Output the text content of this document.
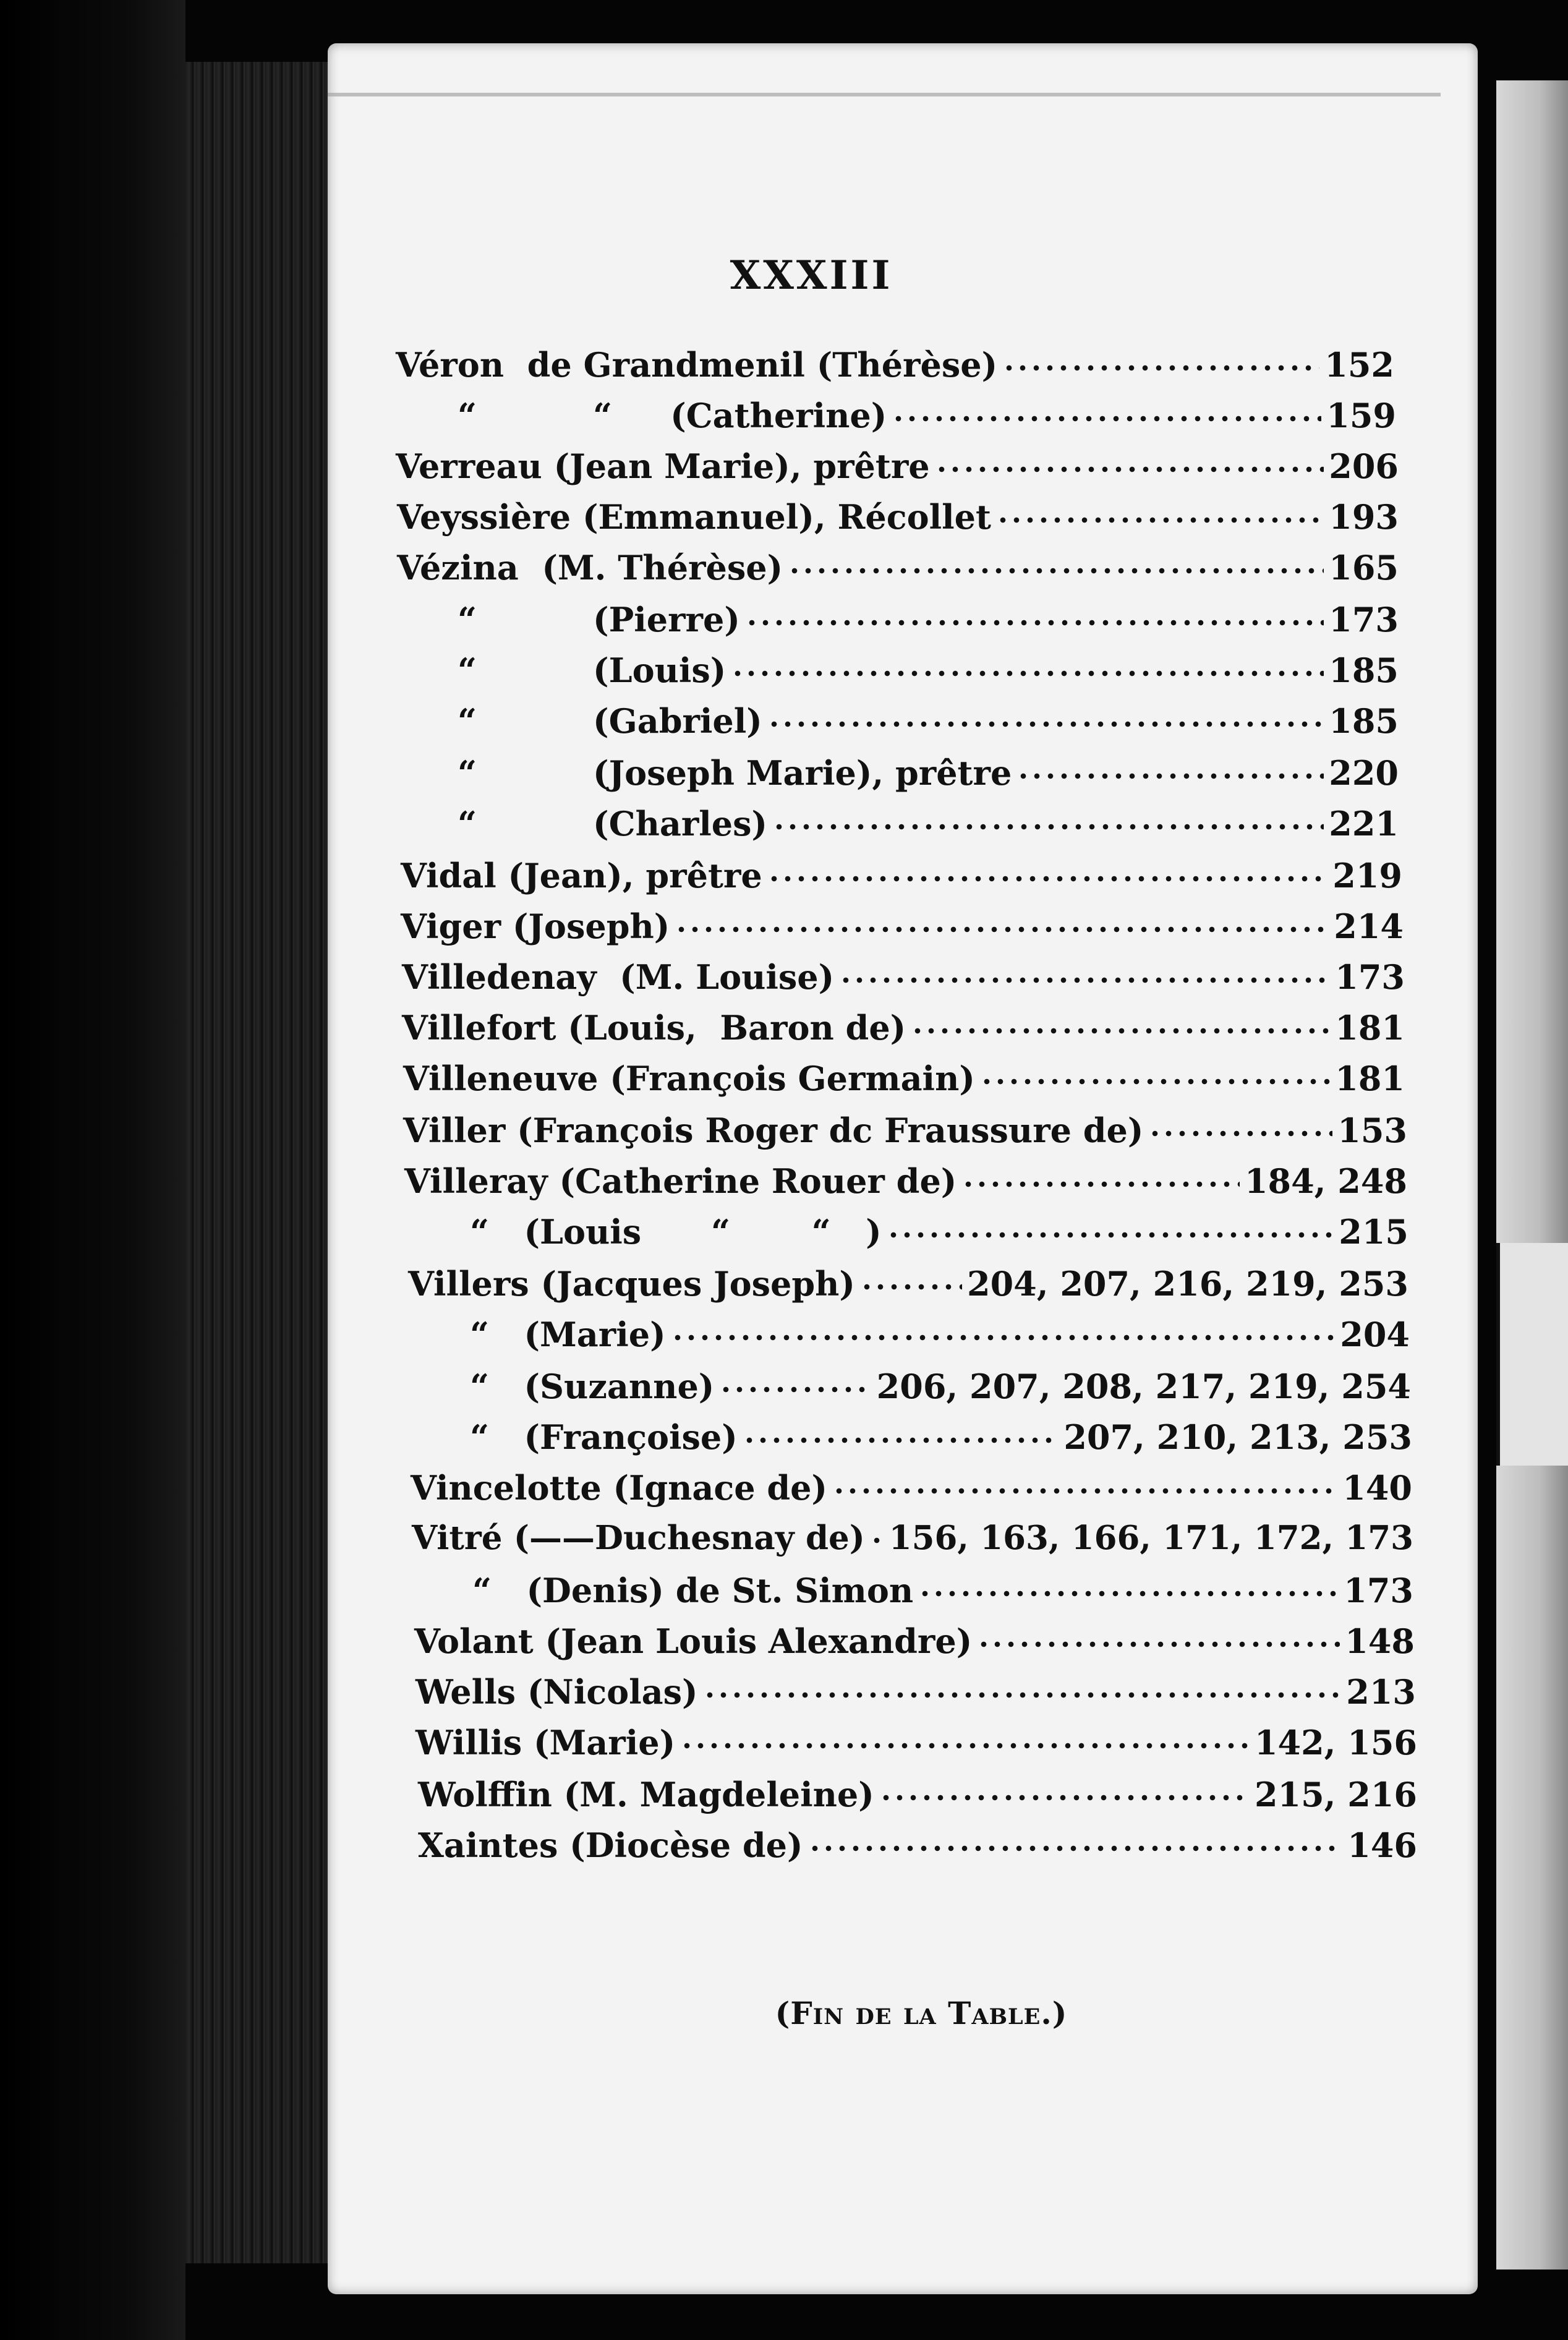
XXXIII
Véron  de Grandmenil (Thérèse)	152
“          “     (Catherine)	159
Verreau (Jean Marie), prêtre	206
Veyssière (Emmanuel), Récollet	193
Vézina  (M. Thérèse)	165
“          (Pierre)	173
“          (Louis)	185
“          (Gabriel)	185
“          (Joseph Marie), prêtre	220
“          (Charles)	221
Vidal (Jean), prêtre	219
Viger (Joseph)	214
Villedenay  (M. Louise)	173
Villefort (Louis,  Baron de)	181
Villeneuve (François Germain)	181
Viller (François Roger dc Fraussure de)	153
Villeray (Catherine Rouer de)	184, 248
“   (Louis      “       “   )	215
Villers (Jacques Joseph)	204, 207, 216, 219, 253
“   (Marie)	204
“   (Suzanne)	206, 207, 208, 217, 219, 254
“   (Françoise)	207, 210, 213, 253
Vincelotte (Ignace de)	140
Vitré (——Duchesnay de) 156, 163, 166, 171, 172, 173
“   (Denis) de St. Simon	173
Volant (Jean Louis Alexandre)	148
Wells (Nicolas)	213
Willis (Marie)	142, 156
Wolffin (M. Magdeleine)	215, 216
Xaintes (Diocèse de)	146
(Fin de la Table.)
